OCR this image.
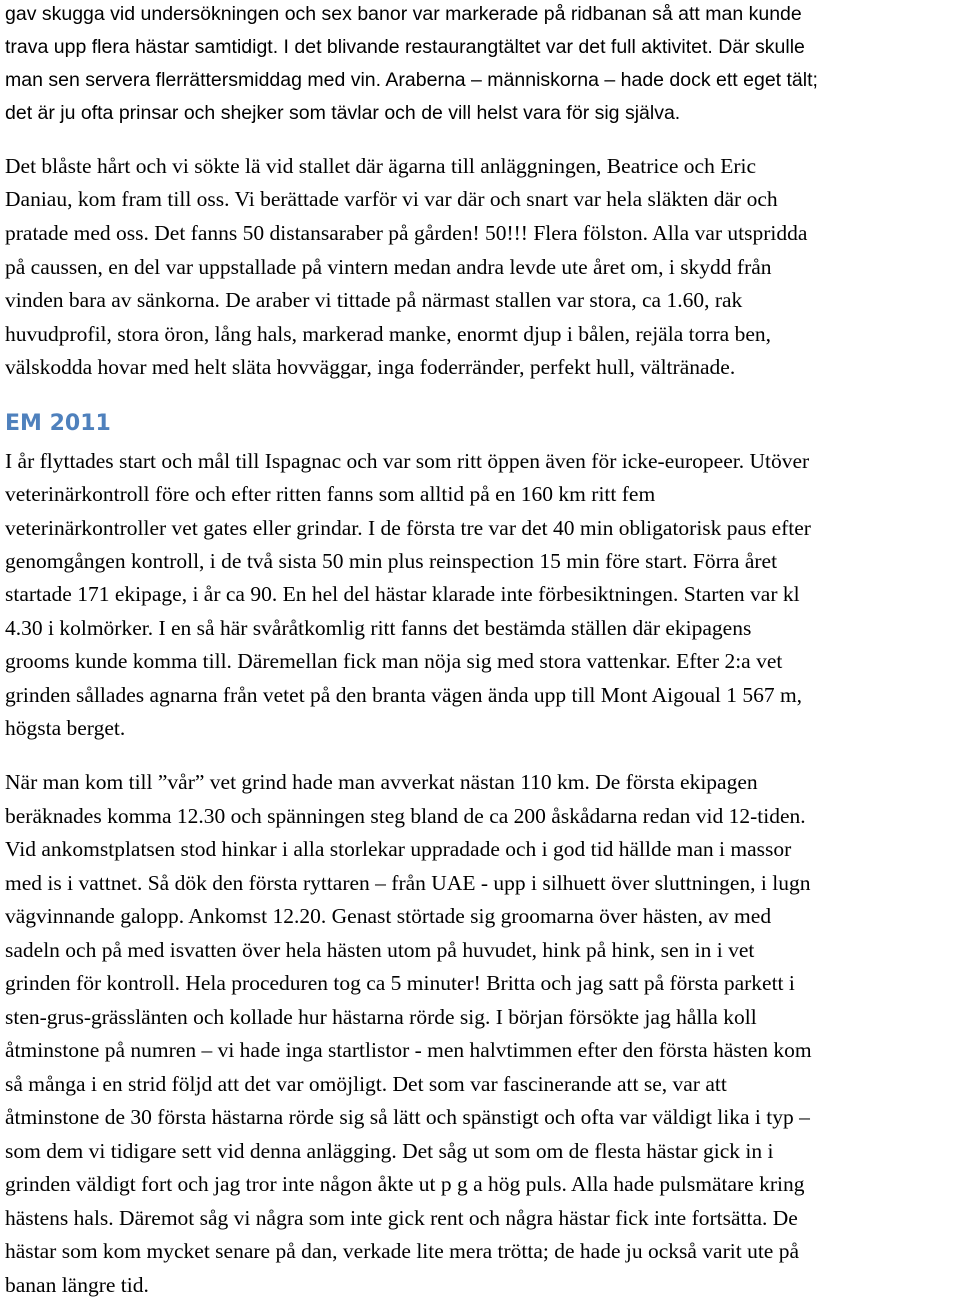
gav skugga vid undersökningen och sex banor var markerade på ridbanan så att man kunde
trava upp flera hästar samtidigt. I det blivande restaurangtältet var det full aktivitet. Där skulle
man sen servera flerrättersmiddag med vin. Araberna – människorna – hade dock ett eget tält;
det är ju ofta prinsar och shejker som tävlar och de vill helst vara för sig själva.
Det blåste hårt och vi sökte lä vid stallet där ägarna till anläggningen, Beatrice och Eric
Daniau, kom fram till oss. Vi berättade varför vi var där och snart var hela släkten där och
pratade med oss. Det fanns 50 distansaraber på gården! 50!!! Flera fölston. Alla var utspridda
på caussen, en del var uppstallade på vintern medan andra levde ute året om, i skydd från
vinden bara av sänkorna. De araber vi tittade på närmast stallen var stora, ca 1.60, rak
huvudprofil, stora öron, lång hals, markerad manke, enormt djup i bålen, rejäla torra ben,
välskodda hovar med helt släta hovväggar, inga foderränder, perfekt hull, vältränade.
EM 2011
I år flyttades start och mål till Ispagnac och var som ritt öppen även för icke-europeer. Utöver
veterinärkontroll före och efter ritten fanns som alltid på en 160 km ritt fem
veterinärkontroller vet gates eller grindar. I de första tre var det 40 min obligatorisk paus efter
genomgången kontroll, i de två sista 50 min plus reinspection 15 min före start. Förra året
startade 171 ekipage, i år ca 90. En hel del hästar klarade inte förbesiktningen. Starten var kl
4.30 i kolmörker. I en så här svåråtkomlig ritt fanns det bestämda ställen där ekipagens
grooms kunde komma till. Däremellan fick man nöja sig med stora vattenkar. Efter 2:a vet
grinden sållades agnarna från vetet på den branta vägen ända upp till Mont Aigoual 1 567 m,
högsta berget.
När man kom till ”vår” vet grind hade man avverkat nästan 110 km. De första ekipagen
beräknades komma 12.30 och spänningen steg bland de ca 200 åskådarna redan vid 12-tiden.
Vid ankomstplatsen stod hinkar i alla storlekar uppradade och i god tid hällde man i massor
med is i vattnet. Så dök den första ryttaren – från UAE - upp i silhuett över sluttningen, i lugn
vägvinnande galopp. Ankomst 12.20. Genast störtade sig groomarna över hästen, av med
sadeln och på med isvatten över hela hästen utom på huvudet, hink på hink, sen in i vet
grinden för kontroll. Hela proceduren tog ca 5 minuter! Britta och jag satt på första parkett i
sten-grus-grässlänten och kollade hur hästarna rörde sig. I början försökte jag hålla koll
åtminstone på numren – vi hade inga startlistor - men halvtimmen efter den första hästen kom
så många i en strid följd att det var omöjligt. Det som var fascinerande att se, var att
åtminstone de 30 första hästarna rörde sig så lätt och spänstigt och ofta var väldigt lika i typ –
som dem vi tidigare sett vid denna anlägging. Det såg ut som om de flesta hästar gick in i
grinden väldigt fort och jag tror inte någon åkte ut p g a hög puls. Alla hade pulsmätare kring
hästens hals. Däremot såg vi några som inte gick rent och några hästar fick inte fortsätta. De
hästar som kom mycket senare på dan, verkade lite mera trötta; de hade ju också varit ute på
banan längre tid.
